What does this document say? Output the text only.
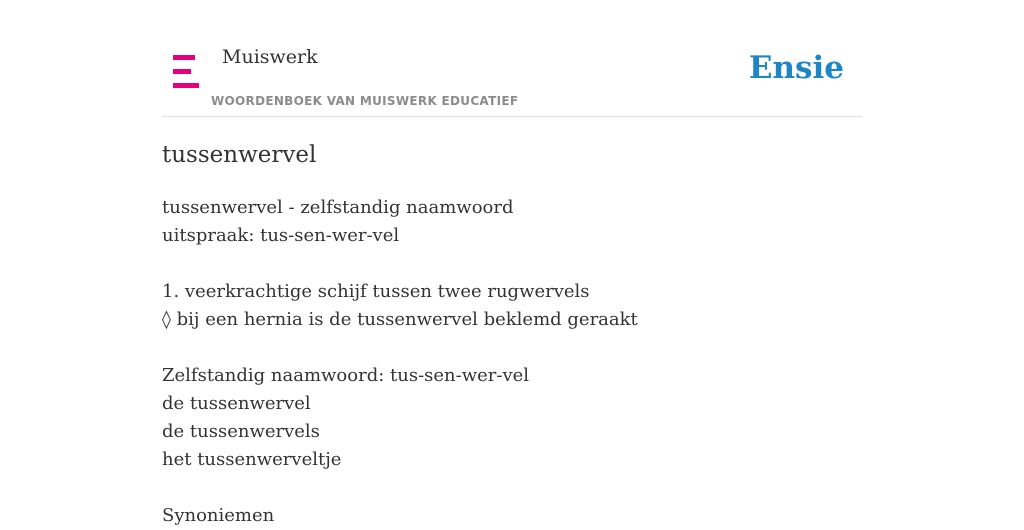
Muiswerk
WOORDENBOEK VAN MUISWERK EDUCATIEF
Ensie
tussenwervel
tussenwervel - zelfstandig naamwoord
uitspraak: tus-sen-wer-vel
1. veerkrachtige schijf tussen twee rugwervels
◊ bij een hernia is de tussenwervel beklemd geraakt
Zelfstandig naamwoord: tus-sen-wer-vel
de tussenwervel
de tussenwervels
het tussenwerveltje
Synoniemen
